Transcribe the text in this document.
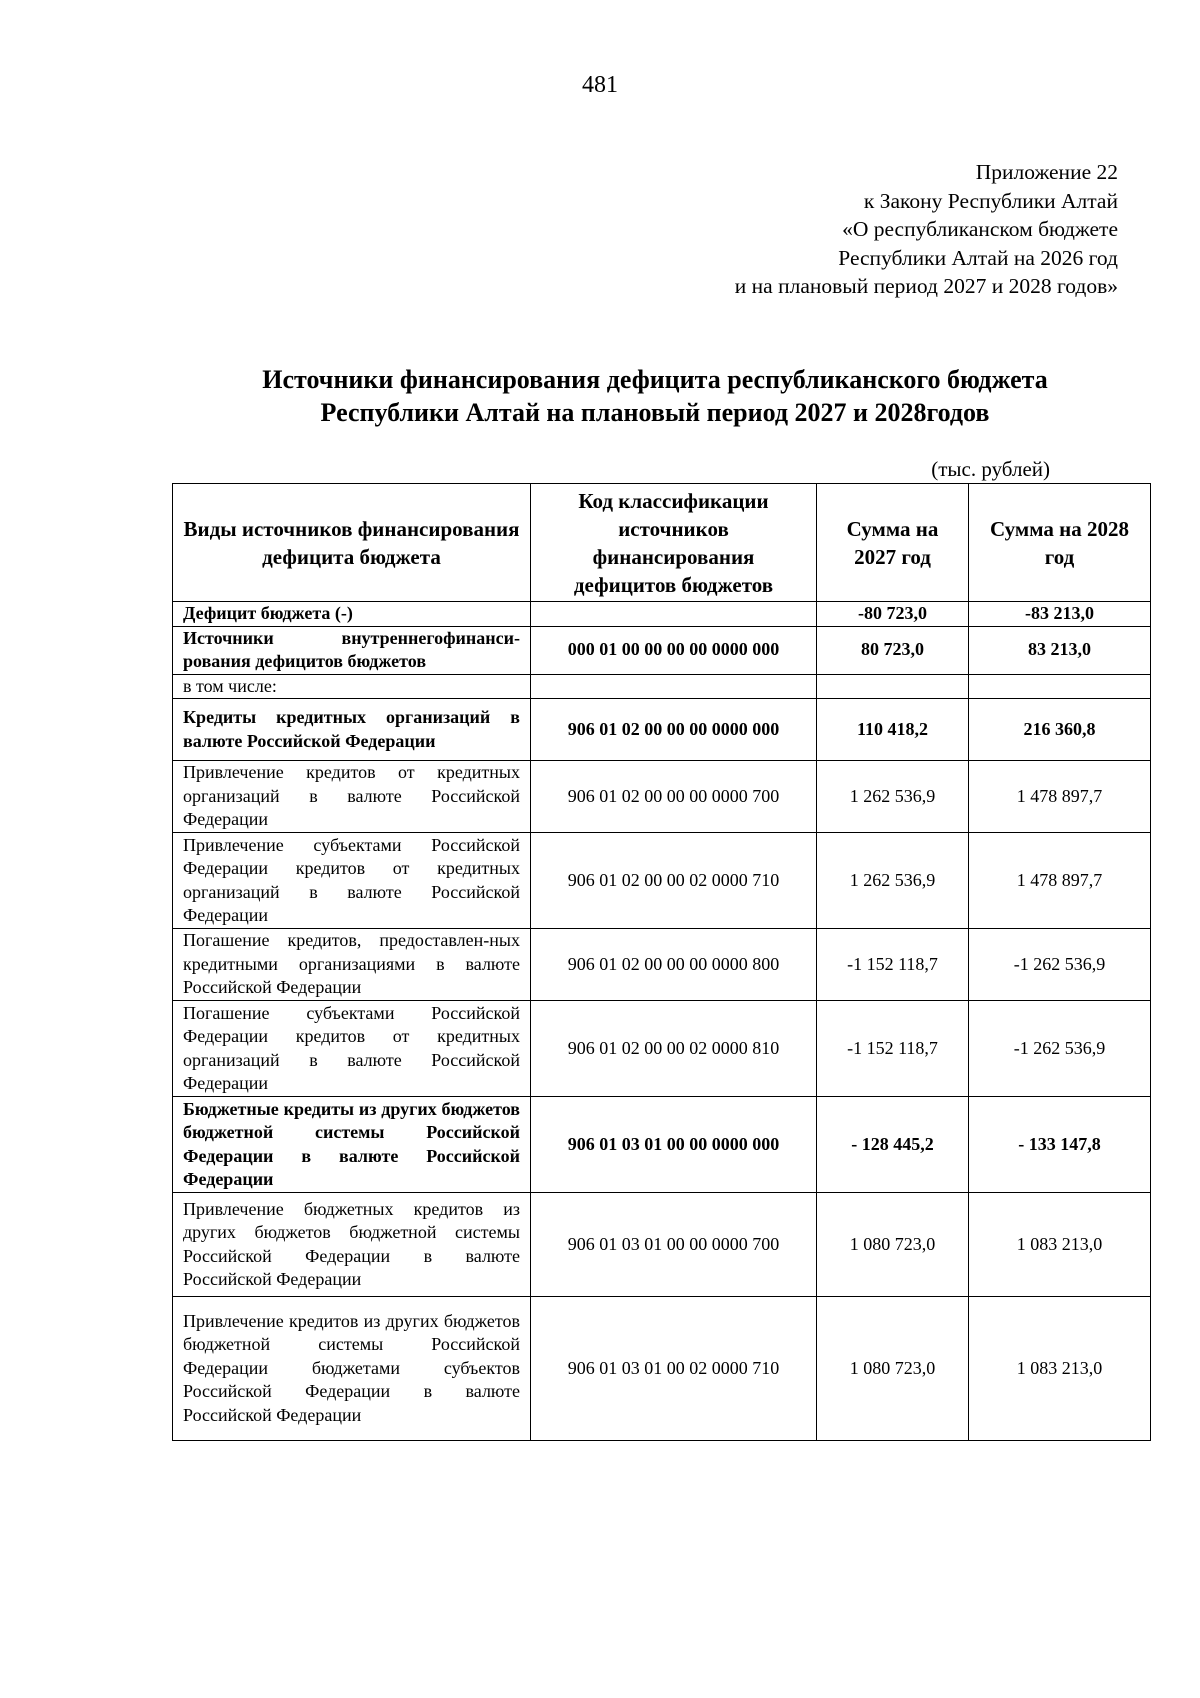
481
Приложение 22
к Закону Республики Алтай
«О республиканском бюджете
Республики Алтай на 2026 год
и на плановый период 2027 и 2028 годов»
Источники финансирования дефицита республиканского бюджета
Республики Алтай на плановый период 2027 и 2028годов
(тыс. рублей)
Виды источников финансирования дефицита бюджета	Код классификации источников финансирования дефицитов бюджетов	Сумма на 2027 год	Сумма на 2028 год
Дефицит бюджета (-)		-80 723,0	-83 213,0
Источники внутреннегофинанси-рования дефицитов бюджетов	000 01 00 00 00 00 0000 000	80 723,0	83 213,0
в том числе:			
Кредиты кредитных организаций в валюте Российской Федерации	906 01 02 00 00 00 0000 000	110 418,2	216 360,8
Привлечение кредитов от кредитных организаций в валюте Российской Федерации	906 01 02 00 00 00 0000 700	1 262 536,9	1 478 897,7
Привлечение субъектами Российской Федерации кредитов от кредитных организаций в валюте Российской Федерации	906 01 02 00 00 02 0000 710	1 262 536,9	1 478 897,7
Погашение кредитов, предоставлен-ных кредитными организациями в валюте Российской Федерации	906 01 02 00 00 00 0000 800	-1 152 118,7	-1 262 536,9
Погашение субъектами Российской Федерации кредитов от кредитных организаций в валюте Российской Федерации	906 01 02 00 00 02 0000 810	-1 152 118,7	-1 262 536,9
Бюджетные кредиты из других бюджетов бюджетной системы Российской Федерации в валюте Российской Федерации	906 01 03 01 00 00 0000 000	- 128 445,2	- 133 147,8
Привлечение бюджетных кредитов из других бюджетов бюджетной системы Российской Федерации в валюте Российской Федерации	906 01 03 01 00 00 0000 700	1 080 723,0	1 083 213,0
Привлечение кредитов из других бюджетов бюджетной системы Российской Федерации бюджетами субъектов Российской Федерации в валюте Российской Федерации	906 01 03 01 00 02 0000 710	1 080 723,0	1 083 213,0
